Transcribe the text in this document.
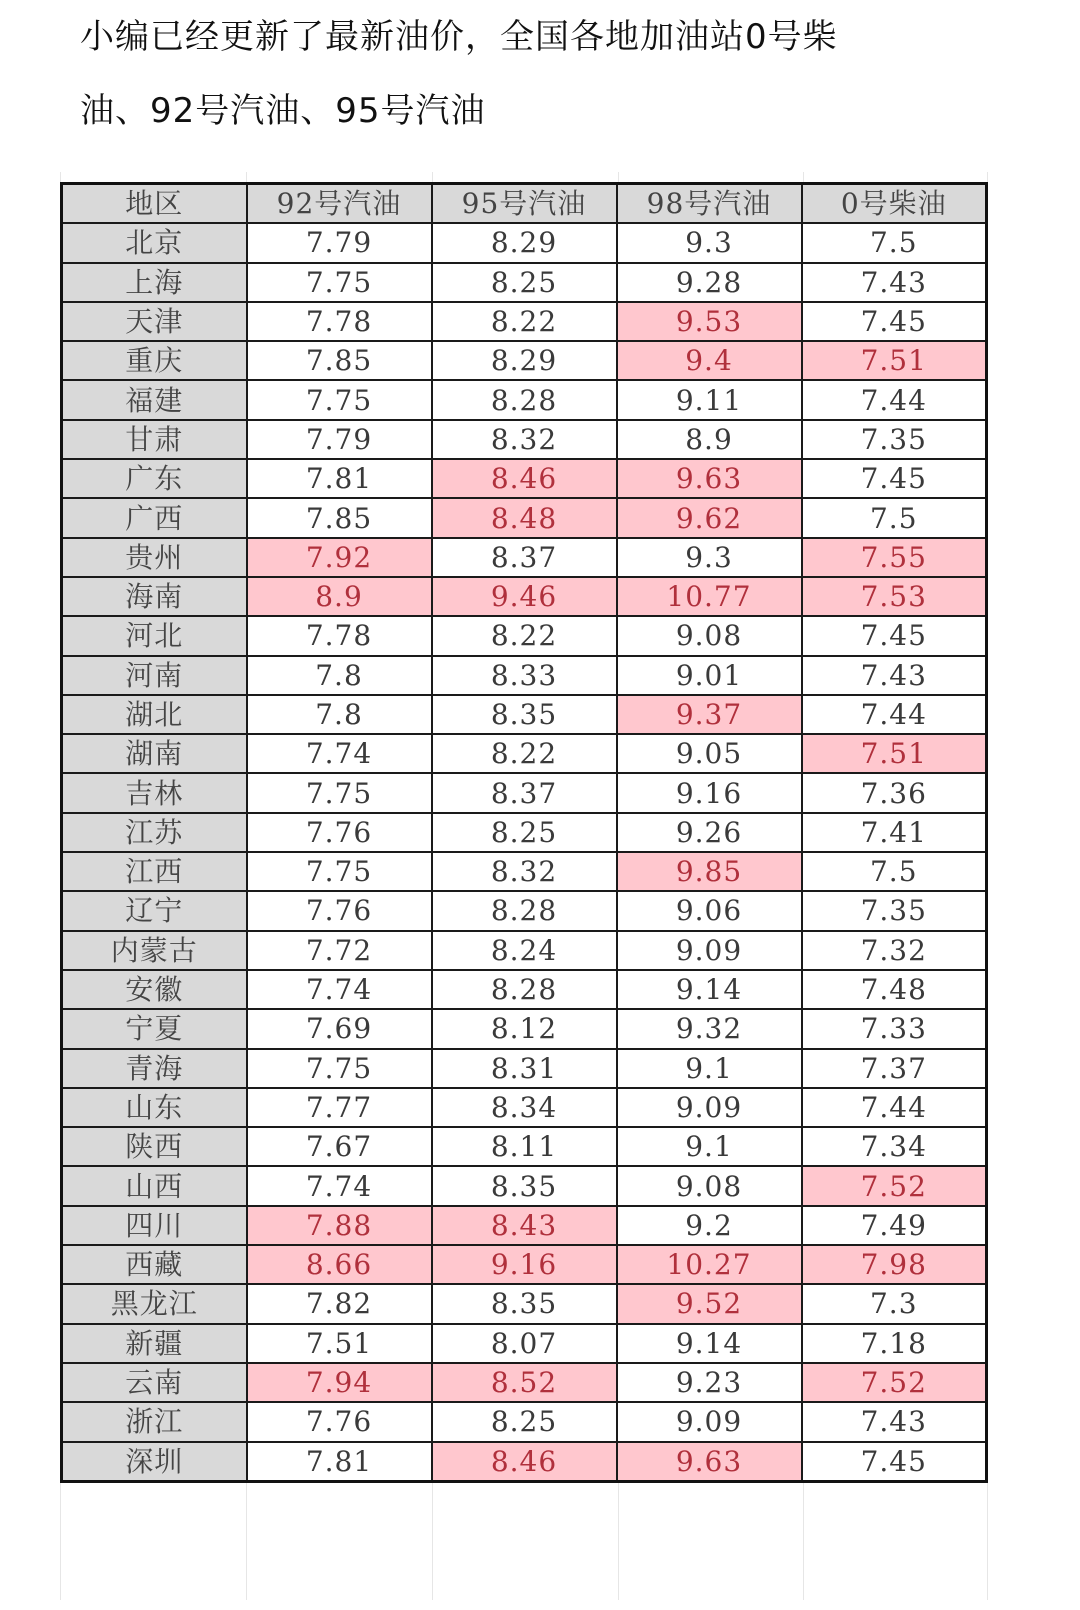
小编已经更新了最新油价，全国各地加油站0号柴

油、92号汽油、95号汽油

地区	92号汽油	95号汽油	98号汽油	0号柴油
北京	7.79	8.29	9.3	7.5
上海	7.75	8.25	9.28	7.43
天津	7.78	8.22	9.53	7.45
重庆	7.85	8.29	9.4	7.51
福建	7.75	8.28	9.11	7.44
甘肃	7.79	8.32	8.9	7.35
广东	7.81	8.46	9.63	7.45
广西	7.85	8.48	9.62	7.5
贵州	7.92	8.37	9.3	7.55
海南	8.9	9.46	10.77	7.53
河北	7.78	8.22	9.08	7.45
河南	7.8	8.33	9.01	7.43
湖北	7.8	8.35	9.37	7.44
湖南	7.74	8.22	9.05	7.51
吉林	7.75	8.37	9.16	7.36
江苏	7.76	8.25	9.26	7.41
江西	7.75	8.32	9.85	7.5
辽宁	7.76	8.28	9.06	7.35
内蒙古	7.72	8.24	9.09	7.32
安徽	7.74	8.28	9.14	7.48
宁夏	7.69	8.12	9.32	7.33
青海	7.75	8.31	9.1	7.37
山东	7.77	8.34	9.09	7.44
陕西	7.67	8.11	9.1	7.34
山西	7.74	8.35	9.08	7.52
四川	7.88	8.43	9.2	7.49
西藏	8.66	9.16	10.27	7.98
黑龙江	7.82	8.35	9.52	7.3
新疆	7.51	8.07	9.14	7.18
云南	7.94	8.52	9.23	7.52
浙江	7.76	8.25	9.09	7.43
深圳	7.81	8.46	9.63	7.45
